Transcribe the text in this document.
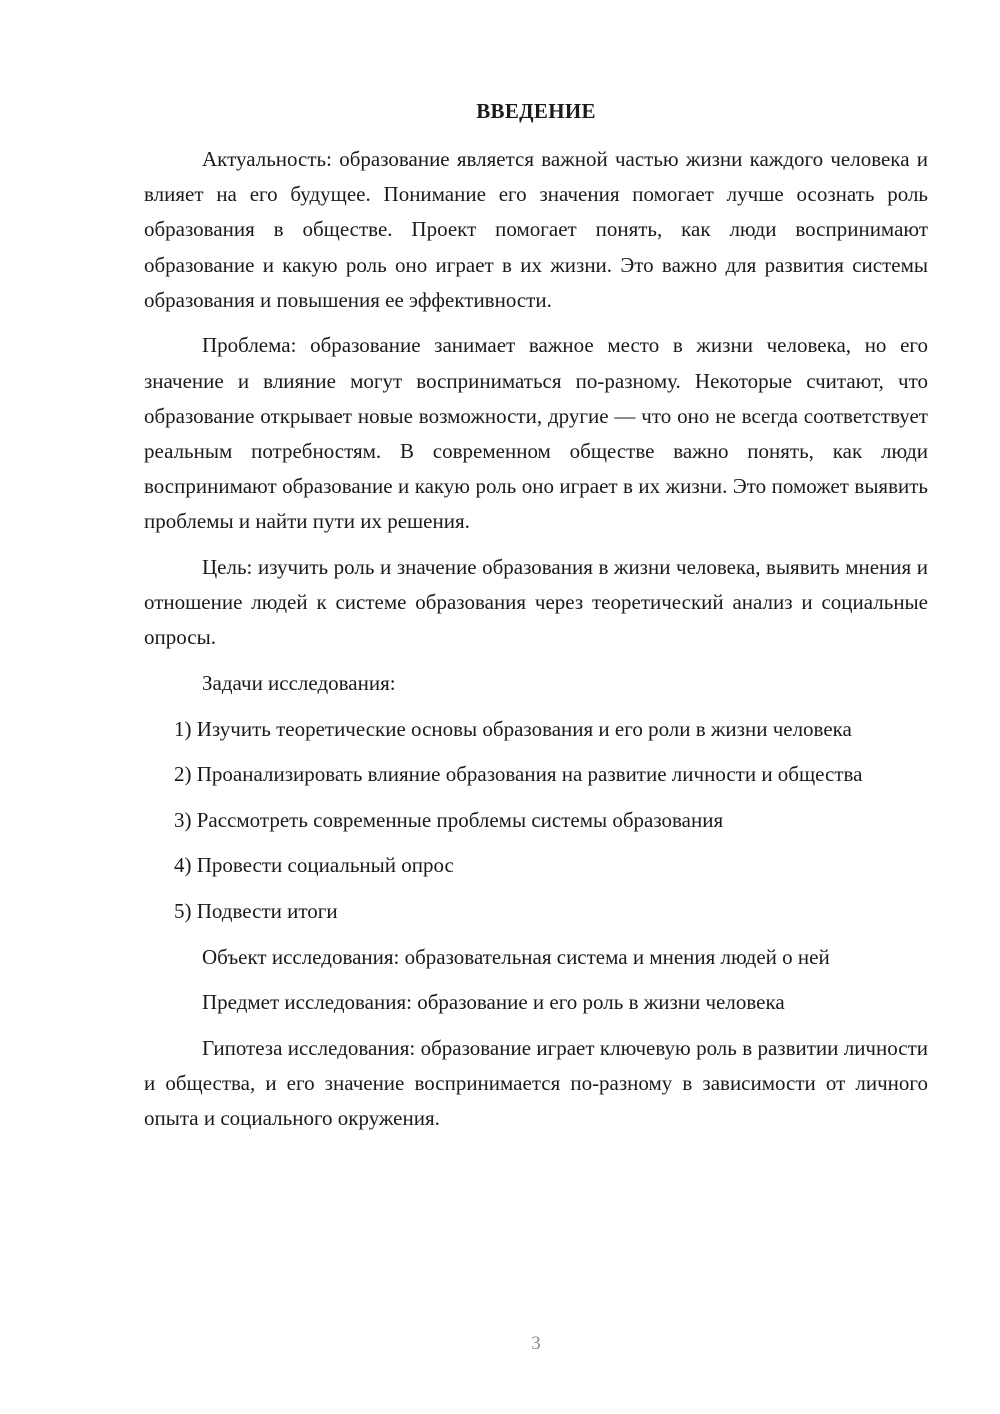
ВВЕДЕНИЕ

Актуальность: образование является важной частью жизни каждого человека и влияет на его будущее. Понимание его значения помогает лучше осознать роль образования в обществе. Проект помогает понять, как люди воспринимают образование и какую роль оно играет в их жизни. Это важно для развития системы образования и повышения ее эффективности.

Проблема: образование занимает важное место в жизни человека, но его значение и влияние могут восприниматься по-разному. Некоторые считают, что образование открывает новые возможности, другие — что оно не всегда соответствует реальным потребностям. В современном обществе важно понять, как люди воспринимают образование и какую роль оно играет в их жизни. Это поможет выявить проблемы и найти пути их решения.

Цель: изучить роль и значение образования в жизни человека, выявить мнения и отношение людей к системе образования через теоретический анализ и социальные опросы.

Задачи исследования:

1) Изучить теоретические основы образования и его роли в жизни человека

2) Проанализировать влияние образования на развитие личности и общества

3) Рассмотреть современные проблемы системы образования

4) Провести социальный опрос

5) Подвести итоги

Объект исследования: образовательная система и мнения людей о ней

Предмет исследования: образование и его роль в жизни человека

Гипотеза исследования: образование играет ключевую роль в развитии личности и общества, и его значение воспринимается по-разному в зависимости от личного опыта и социального окружения.

3
